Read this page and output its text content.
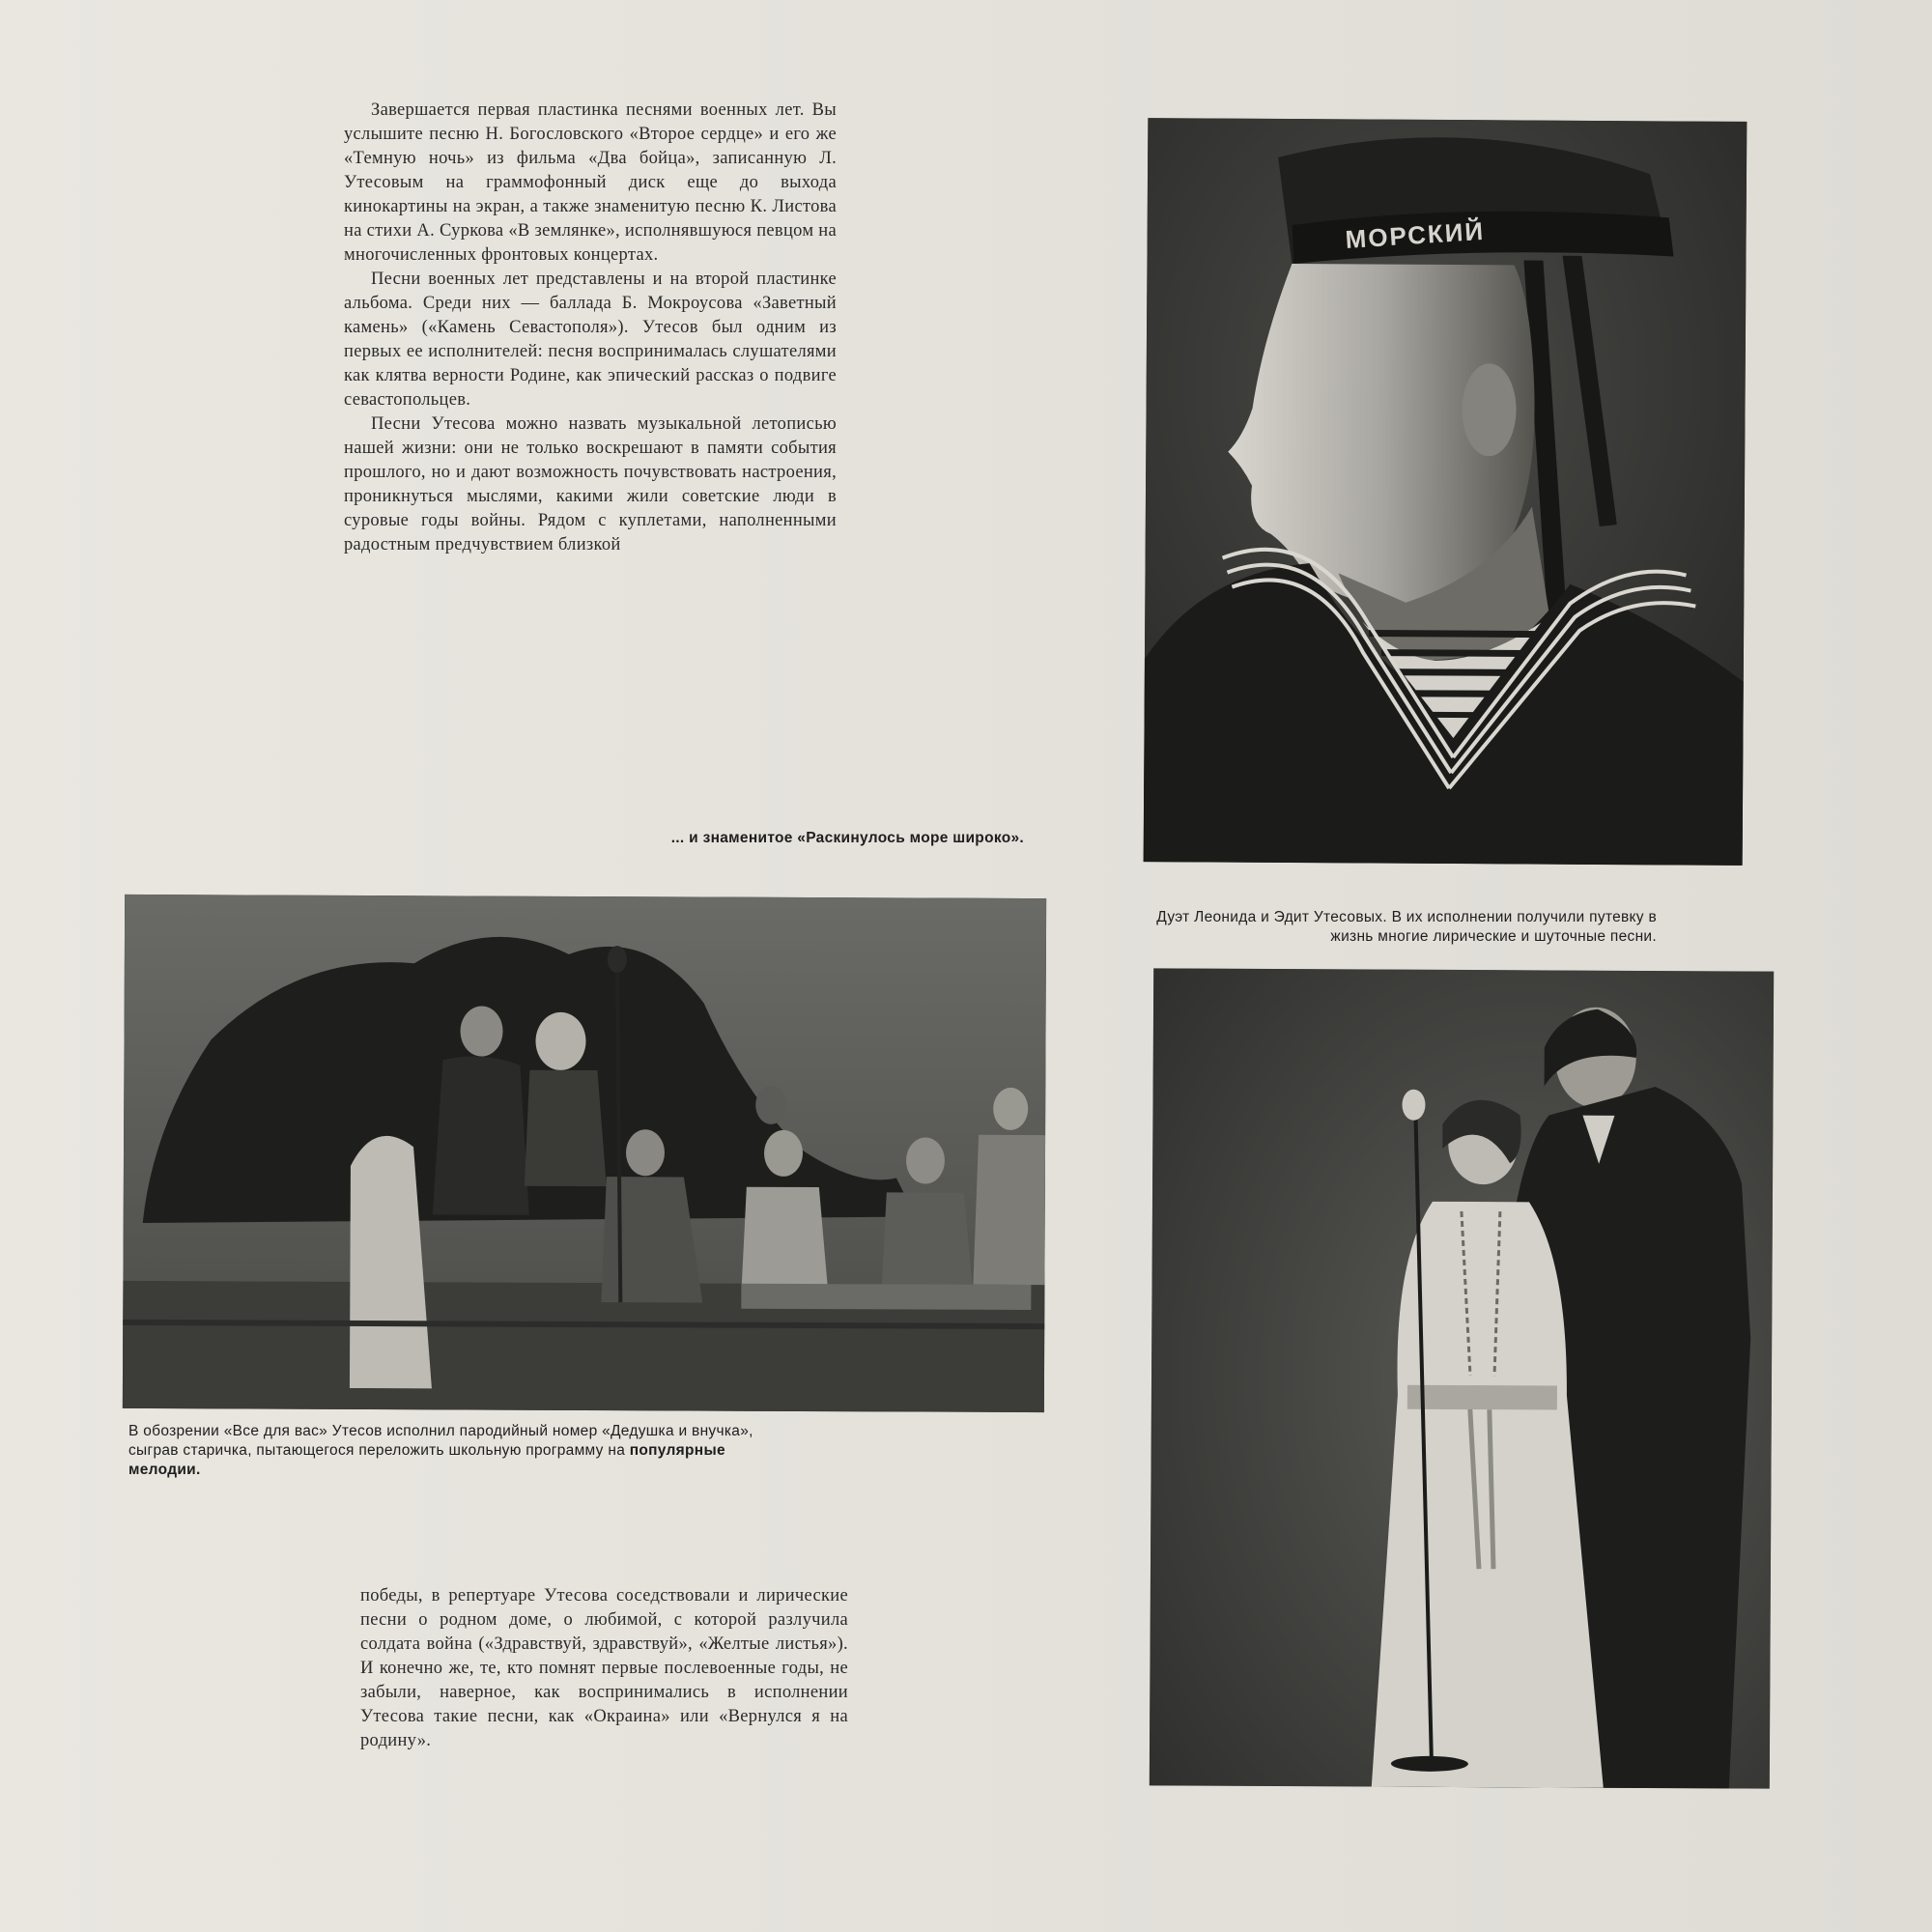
Завершается первая пластинка песнями военных лет. Вы услышите песню Н. Богословского «Второе сердце» и его же «Темную ночь» из фильма «Два бойца», записанную Л. Утесовым на граммофонный диск еще до выхода кинокартины на экран, а также знаменитую песню К. Листова на стихи А. Суркова «В землянке», исполнявшуюся певцом на многочисленных фронтовых концертах.

Песни военных лет представлены и на второй пластинке альбома. Среди них — баллада Б. Мокроусова «Заветный камень» («Камень Севастополя»). Утесов был одним из первых ее исполнителей: песня воспринималась слушателями как клятва верности Родине, как эпический рассказ о подвиге севастопольцев.

Песни Утесова можно назвать музыкальной летописью нашей жизни: они не только воскрешают в памяти события прошлого, но и дают возможность почувствовать настроения, проникнуться мыслями, какими жили советские люди в суровые годы войны. Рядом с куплетами, наполненными радостным предчувствием близкой

МОРСКИЙ
... и знаменитое «Раскинулось море широко».
В обозрении «Все для вас» Утесов исполнил пародийный номер «Дедушка и внучка», сыграв старичка, пытающегося переложить школьную программу на популярные мелодии.
Дуэт Леонида и Эдит Утесовых. В их исполнении получили путевку в жизнь многие лирические и шуточные песни.

победы, в репертуаре Утесова соседствовали и лирические песни о родном доме, о любимой, с которой разлучила солдата война («Здравствуй, здравствуй», «Желтые листья»). И конечно же, те, кто помнят первые послевоенные годы, не забыли, наверное, как воспринимались в исполнении Утесова такие песни, как «Окраина» или «Вернулся я на родину».
